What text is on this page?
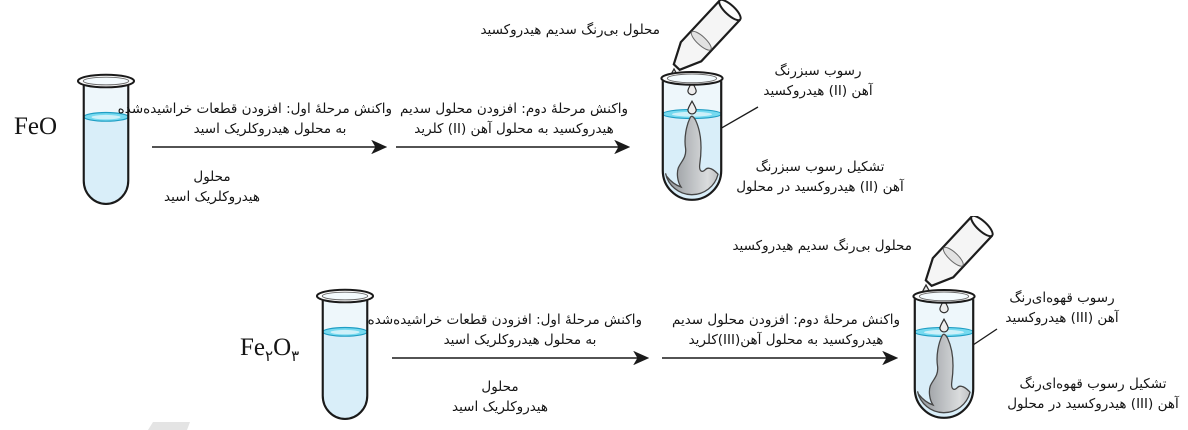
FeO
واکنش مرحلۀ اول: افزودن قطعات خراشیده‌شده
به محلول هیدروکلریک اسید
محلول
هیدروکلریک اسید
واکنش مرحلۀ دوم: افزودن محلول سدیم
هیدروکسید به محلول آهن (II) کلرید
محلول بی‌رنگ سدیم هیدروکسید
رسوب سبزرنگ
آهن (II) هیدروکسید
تشکیل رسوب سبزرنگ
آهن (II) هیدروکسید در محلول
$Fe_۲O_۳$
واکنش مرحلۀ اول: افزودن قطعات خراشیده‌شده
به محلول هیدروکلریک اسید
محلول
هیدروکلریک اسید
واکنش مرحلۀ دوم: افزودن محلول سدیم
هیدروکسید به محلول آهن(III)کلرید
محلول بی‌رنگ سدیم هیدروکسید
رسوب قهوه‌ای‌رنگ
آهن (III) هیدروکسید
تشکیل رسوب قهوه‌ای‌رنگ
آهن (III) هیدروکسید در محلول
